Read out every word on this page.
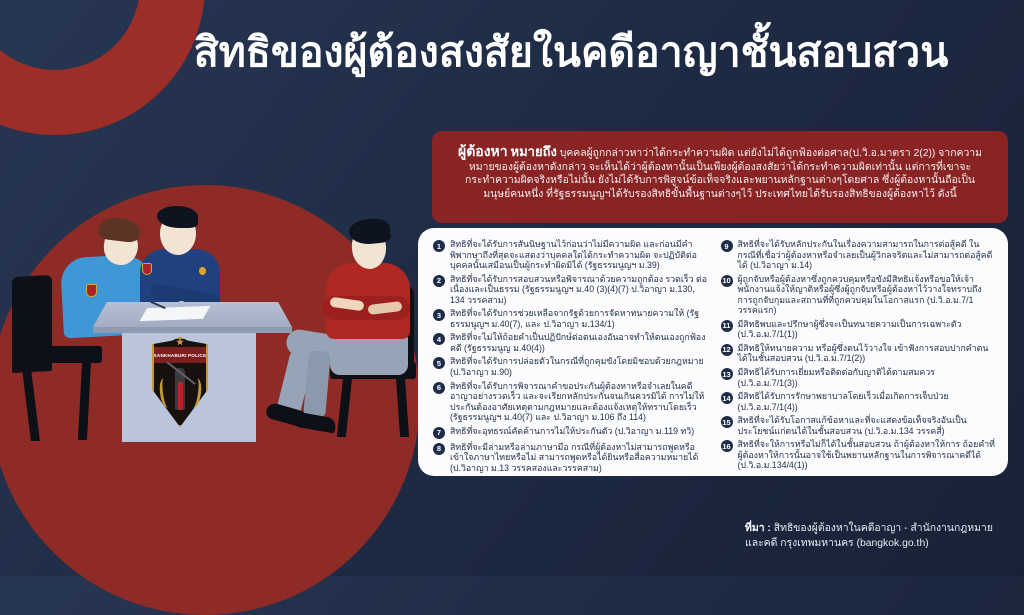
SANKHABURI POLICE
สิทธิของผู้ต้องสงสัยในคดีอาญาชั้นสอบสวน
ผู้ต้องหา หมายถึง บุคคลผู้ถูกกล่าวหาว่าได้กระทำความผิด แต่ยังไม่ได้ถูกฟ้องต่อศาล(ป.วิ.อ.มาตรา 2(2)) จากความหมายของผู้ต้องหาดังกล่าว จะเห็นได้ว่าผู้ต้องหานั้นเป็นเพียงผู้ต้องสงสัยว่าได้กระทำความผิดเท่านั้น แต่การที่เขาจะกระทำความผิดจริงหรือไม่นั้น ยังไม่ได้รับการพิสูจน์ข้อเท็จจริงและพยานหลักฐานต่างๆโดยศาล ซึ่งผู้ต้องหานั้นถือเป็นมนุษย์คนหนึ่ง ที่รัฐธรรมนูญฯได้รับรองสิทธิขั้นพื้นฐานต่างๆไว้ ประเทศไทยได้รับรองสิทธิของผู้ต้องหาไว้ ดังนี้
1	สิทธิที่จะได้รับการสันนิษฐานไว้ก่อนว่าไม่มีความผิด และก่อนมีคำพิพากษาถึงที่สุดจะแสดงว่าบุคคลใดได้กระทำความผิด จะปฏิบัติต่อบุคคลนั้นเสมือนเป็นผู้กระทำผิดมิได้ (รัฐธรรมนูญฯ ม.39)
2	สิทธิที่จะได้รับการสอบสวนหรือพิจารณาด้วยความถูกต้อง รวดเร็ว ต่อเนื่องและเป็นธรรม (รัฐธรรมนูญฯ ม.40 (3)(4)(7) ป.วิอาญา ม.130, 134 วรรคสาม)
3	สิทธิที่จะได้รับการช่วยเหลือจากรัฐด้วยการจัดหาทนายความให้ (รัฐธรรมนูญฯ ม.40(7), และ ป.วิอาญา ม.134/1)
4	สิทธิที่จะไม่ให้ถ้อยคำเป็นปฏิปักษ์ต่อตนเองอันอาจทำให้ตนเองถูกฟ้องคดี (รัฐธรรมนูญ ม.40(4))
5	สิทธิที่จะได้รับการปล่อยตัวในกรณีที่ถูกคุมขังโดยมิชอบด้วยกฎหมาย (ป.วิอาญา ม.90)
6	สิทธิที่จะได้รับการพิจารณาคำขอประกันผู้ต้องหาหรือจำเลยในคดีอาญาอย่างรวดเร็ว และจะเรียกหลักประกันจนเกินควรมิได้ การไม่ให้ประกันต้องอาศัยเหตุตามกฎหมายและต้องแจ้งเหตุให้ทราบโดยเร็ว (รัฐธรรมนูญฯ ม.40(7) และ ป.วิอาญา ม.106 ถึง 114)
7	สิทธิที่จะอุทธรณ์คัดค้านการไม่ให้ประกันตัว (ป.วิอาญา ม.119 ทวิ)
8	สิทธิที่จะมีล่ามหรือล่ามภาษามือ กรณีที่ผู้ต้องหาไม่สามารถพูดหรือเข้าใจภาษาไทยหรือไม่ สามารถพูดหรือได้ยินหรือสื่อความหมายได้ (ป.วิอาญา ม.13 วรรคสองและวรรคสาม)
9	สิทธิที่จะได้รับหลักประกันในเรื่องความสามารถในการต่อสู้คดี ในกรณีที่เชื่อว่าผู้ต้องหาหรือจำเลยเป็นผู้วิกลจริตและไม่สามารถต่อสู้คดี ได้ (ป.วิอาญา ม.14)
10 ผู้ถูกจับหรือผู้ต้องหาซึ่งถูกควบคุมหรือขังมีสิทธิแจ้งหรือขอให้เจ้าพนักงานแจ้งให้ญาติหรือผู้ซึ่งผู้ถูกจับหรือผู้ต้องหาไว้วางใจทราบถึงการถูกจับกุมและสถานที่ที่ถูกควบคุมในโอกาสแรก (ป.วิ.อ.ม.7/1 วรรคแรก)
11 มีสิทธิพบและปรึกษาผู้ซึ่งจะเป็นทนายความเป็นการเฉพาะตัว (ป.วิ.อ.ม.7/1(1))
12 มีสิทธิให้ทนายความ หรือผู้ซึ่งตนไว้วางใจ เข้าฟังการสอบปากคำตนได้ในชั้นสอบสวน (ป.วิ.อ.ม.7/1(2))
13 มีสิทธิได้รับการเยี่ยมหรือติดต่อกับญาติได้ตามสมควร (ป.วิ.อ.ม.7/1(3))
14 มีสิทธิได้รับการรักษาพยาบาลโดยเร็วเมื่อเกิดการเจ็บป่วย (ป.วิ.อ.ม.7/1(4))
15 สิทธิที่จะได้รับโอกาสแก้ข้อหาและที่จะแสดงข้อเท็จจริงอันเป็นประโยชน์แก่ตนได้ในชั้นสอบสวน (ป.วิ.อ.ม.134 วรรคสี่)
16 สิทธิที่จะให้การหรือไม่ก็ได้ในชั้นสอบสวน ถ้าผู้ต้องหาให้การ ถ้อยคำที่ผู้ต้องหาให้การนั้นอาจใช้เป็นพยานหลักฐานในการพิจารณาคดีได้ (ป.วิ.อ.ม.134/4(1))
ที่มา : สิทธิของผู้ต้องหาในคดีอาญา - สำนักงานกฎหมาย
และคดี กรุงเทพมหานคร (bangkok.go.th)
